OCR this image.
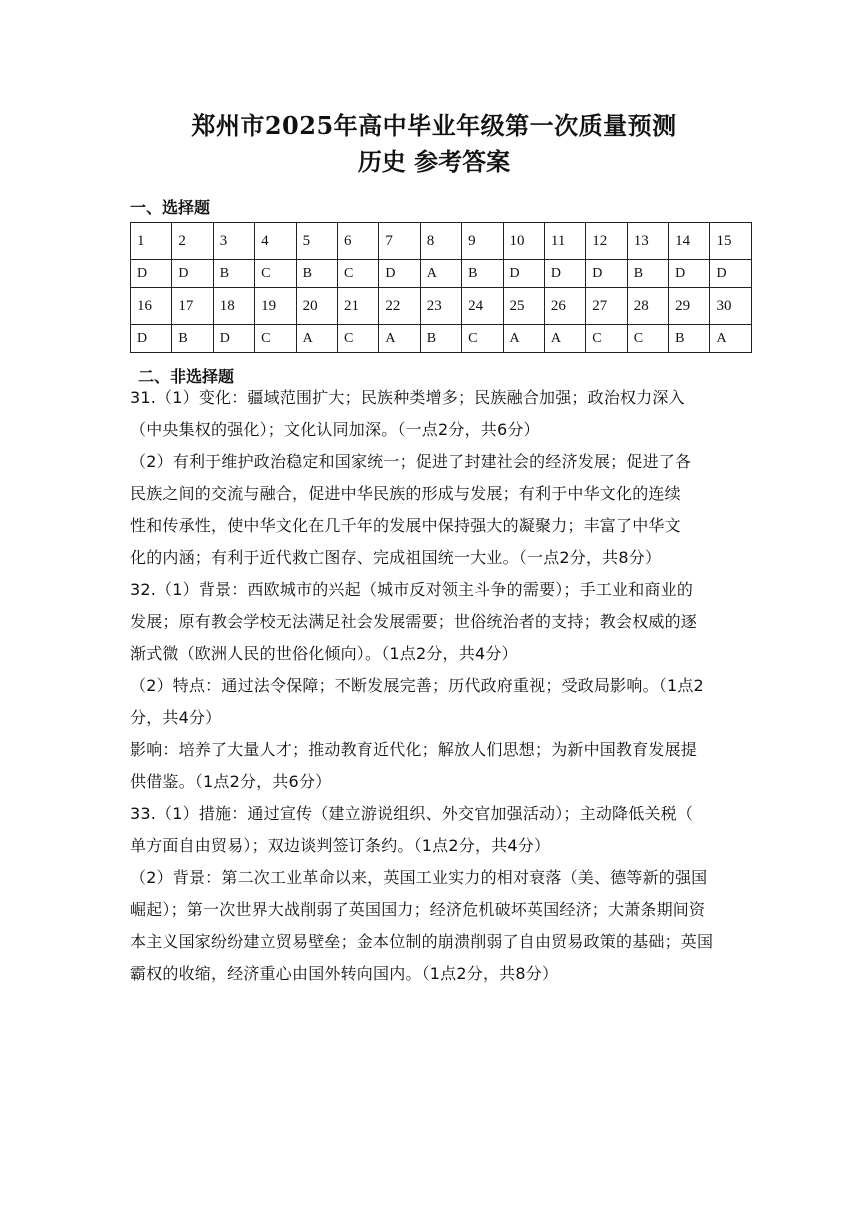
郑州市2025年高中毕业年级第一次质量预测
历史 参考答案
一、选择题
1	2	3	4	5	6	7	8	9	10	11	12	13	14	15
D	D	B	C	B	C	D	A	B	D	D	D	B	D	D
16	17	18	19	20	21	22	23	24	25	26	27	28	29	30
D	B	D	C	A	C	A	B	C	A	A	C	C	B	A
二、非选择题
31.（1）变化：疆域范围扩大；民族种类增多；民族融合加强；政治权力深入
（中央集权的强化）；文化认同加深。（一点2分，共6分）
（2）有利于维护政治稳定和国家统一；促进了封建社会的经济发展；促进了各
民族之间的交流与融合，促进中华民族的形成与发展；有利于中华文化的连续
性和传承性，使中华文化在几千年的发展中保持强大的凝聚力；丰富了中华文
化的内涵；有利于近代救亡图存、完成祖国统一大业。（一点2分，共8分）
32.（1）背景：西欧城市的兴起（城市反对领主斗争的需要）；手工业和商业的
发展；原有教会学校无法满足社会发展需要；世俗统治者的支持；教会权威的逐
渐式微（欧洲人民的世俗化倾向）。（1点2分，共4分）
（2）特点：通过法令保障；不断发展完善；历代政府重视；受政局影响。（1点2
分，共4分）
影响：培养了大量人才；推动教育近代化；解放人们思想；为新中国教育发展提
供借鉴。（1点2分，共6分）
33.（1）措施：通过宣传（建立游说组织、外交官加强活动）；主动降低关税（
单方面自由贸易）；双边谈判签订条约。（1点2分，共4分）
（2）背景：第二次工业革命以来，英国工业实力的相对衰落（美、德等新的强国
崛起）；第一次世界大战削弱了英国国力；经济危机破坏英国经济；大萧条期间资
本主义国家纷纷建立贸易壁垒；金本位制的崩溃削弱了自由贸易政策的基础；英国
霸权的收缩，经济重心由国外转向国内。（1点2分，共8分）
